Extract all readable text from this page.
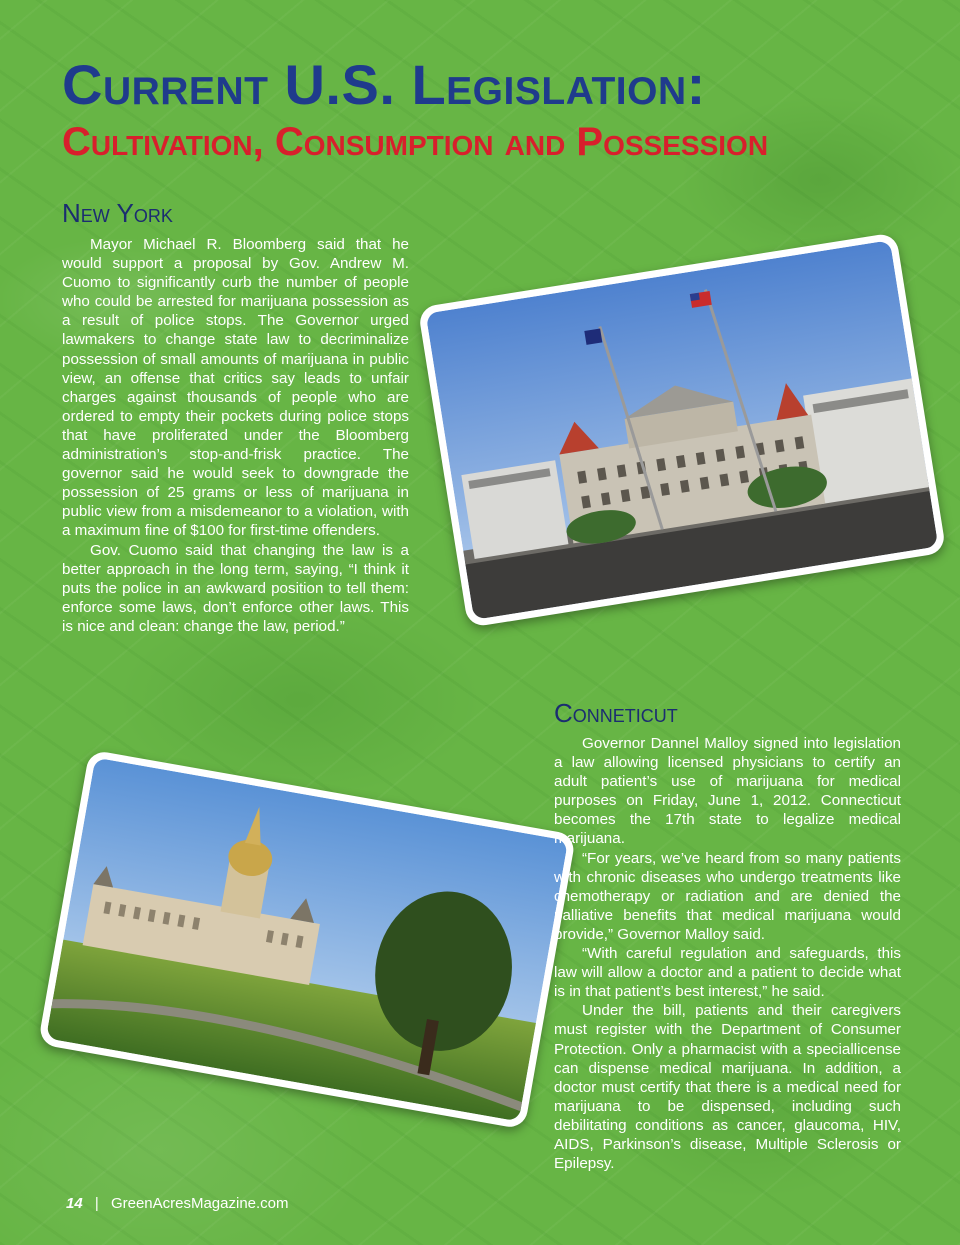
Current U.S. Legislation:
Cultivation, Consumption and Possession
New York

Mayor Michael R. Bloomberg said that he would support a proposal by Gov. Andrew M. Cuomo to significantly curb the number of people who could be arrested for marijuana possession as a result of police stops. The Governor urged lawmakers to change state law to decriminalize possession of small amounts of marijuana in public view, an offense that critics say leads to unfair charges against thousands of people who are ordered to empty their pockets during police stops that have proliferated under the Bloomberg administration’s stop-and-frisk practice. The governor said he would seek to downgrade the possession of 25 grams or less of marijuana in public view from a misdemeanor to a violation, with a maximum fine of $100 for first-time offenders.

Gov. Cuomo said that changing the law is a better approach in the long term, saying, “I think it puts the police in an awkward position to tell them: enforce some laws, don’t enforce other laws. This is nice and clean: change the law, period.”

Conneticut

Governor Dannel Malloy signed into legislation a law allowing licensed physicians to certify an adult patient’s use of marijuana for medical purposes on Friday, June 1, 2012. Connecticut becomes the 17th state to legalize medical marijuana.

“For years, we’ve heard from so many patients with chronic diseases who undergo treatments like chemotherapy or radiation and are denied the palliative benefits that medical marijuana would provide,” Governor Malloy said.

“With careful regulation and safeguards, this law will allow a doctor and a patient to decide what is in that patient’s best interest,” he said.

Under the bill, patients and their caregivers must register with the Department of Consumer Protection. Only a pharmacist with a speciallicense can dispense medical marijuana. In addition, a doctor must certify that there is a medical need for marijuana to be dispensed, including such debilitating conditions as cancer, glaucoma, HIV, AIDS, Parkinson’s disease, Multiple Sclerosis or Epilepsy.

14 | GreenAcresMagazine.com
